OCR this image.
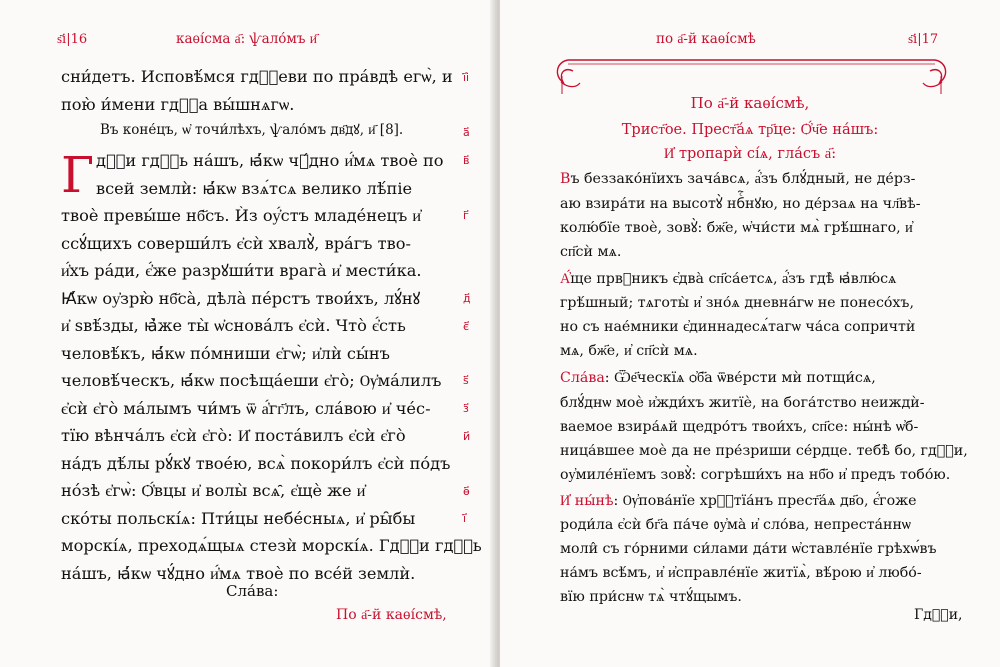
ѕ҃і|16	каѳі́смa а҃: ѱало́мъ и҃
сни́детъ. Исповѣ́мся гдⷭ҇еви по пра́вдѣ егѡ̀, и
пою̀ и́мени гдⷭ҇а вы́шнѧгѡ.
Въ коне́цъ, ѡ҆ точи́лѣхъ, ѱало́мъ дв҃дꙋ, и҃ [8].
Г дⷭ҇и гдⷭ҇ь на́шъ, ꙗ҆́кѡ чꙋ́дно и҆́мѧ твоѐ по
всей землѝ: ꙗ҆́кѡ взѧ́тсѧ велико лѣ́піе
твоѐ превы́ше нб҃съ. Ѝз оу҆́стъ младе́нецъ и҆
ссꙋ́щихъ соверши́лъ є҆сѝ хвалꙋ̀, вра́гъ тво-
и҆́хъ ра́ди, є҆́же разрꙋши́ти врага̀ и҆ мести́ка.
Ꙗ҆́кѡ оу҆зрю̀ нб҃са̀, дѣла̀ пе́рстъ твои́хъ, лꙋ́нꙋ
и҆ ѕвѣ́зды, ꙗ҆̀же ты̀ ѡ҆снова́лъ є҆сѝ. Что̀ є҆́сть
человѣ́къ, ꙗ҆́кѡ по́мниши є҆гѡ̀; и҆лѝ сы́нъ
человѣ́ческъ, ꙗ҆́кѡ посѣща́еши є҆го̀; Ѹ҆ма́лилъ
є҆сѝ є҆го̀ ма́лымъ чи́мъ ѿ а҆́гг҃лъ, сла́вою и҆ че́с-
тїю вѣнча́лъ є҆сѝ є҆го̀: И҆ поста́вилъ є҆сѝ є҆го̀
на́дъ дѣ́лы рꙋ́кꙋ твое́ю, всѧ̀ покори́лъ є҆сѝ по́дъ
но́зѣ є҆гѡ̀: Ѻ҆́вцы и҆ волы̀ всѧ̑, є҆щѐ же и҆
ско́ты польскі́ѧ: Пти́цы небе́сныѧ, и҆ ры̑бы
морскі́ѧ, преходѧ́щыѧ стезѝ морскі́ѧ. Гдⷭ҇и гдⷭ҇ь
на́шъ, ꙗ҆́кѡ чꙋ́дно и҆́мѧ твоѐ по все́й землѝ.
Сла́ва:
По а҃-й каѳі́смѣ,
і҃і
а҃
в҃
г҃
д҃
є҃
ѕ҃
з҃
и҃
ѳ҃
і҃
по а҃-й каѳі́смѣ	ѕ҃і|17
По а҃-й каѳі́смѣ,
Трист҃ое. Прест҃а́ѧ тр҃це: Ѻ҆́ч҃е на́шъ:
И҆ тропарѝ сі́ѧ, гла́съ а҃:
Въ беззако́нїихъ зача́всѧ, а҆́зъ блꙋ́дный, не де́рз-
аю взира́ти на высотꙋ̀ нбⷭ҇нꙋю, но де́рзаѧ на чл҃вѣ-
колю́бїе твоѐ, зовꙋ̀: бж҃е, ѡ҆чи́сти мѧ̀ грѣ́шнаго, и҆
сп҃сѝ мѧ.
А҆́ще првⷣникъ є҆два̀ сп҃са́етсѧ, а҆́зъ гдѣ̀ ꙗ҆влю́сѧ
грѣ́шный; тѧготы̀ и҆ зно́ѧ дневна́гѡ не понесо́хъ,
но съ нае́мники є҆диннадесѧ́тагѡ ча́са сопричтѝ
мѧ, бж҃е, и҆ сп҃сѝ мѧ.
Сла́ва: Ѿе҃ческїѧ ѻ҆б҃а ѿве́рсти мѝ потщи́сѧ,
блꙋ́днѡ моѐ и҆жди́хъ житїѐ, на бога́тство неиждѝ-
ваемое взира́ѧй щедро́тъ твои́хъ, сп҃се: ны́нѣ ѡ҆б-
ница́вшее моѐ да не пре́зриши се́рдце. тебѣ̀ бо, гдⷭ҇и,
оу҆миле́нїемъ зовꙋ̀: согрѣши́хъ на нб҃о и҆ предъ тобо́ю.
И҆ ны́нѣ: Ѹ҆пова́нїе хрⷭ҇тїа́нъ прест҃а́ѧ дв҃о, є҆́гоже
роди́ла є҆сѝ бг҃а па́че ᲂу҆ма̀ и҆ сло́ва, непреста́ннѡ
моли̂ съ го́рними си́лами да́ти ѡ҆ставле́нїе грѣхѡ́въ
на́мъ всѣ́мъ, и҆ и҆справле́нїе житїѧ̀, вѣ́рою и҆ любо́-
вїю при́снѡ тѧ̀ чтꙋ́щымъ.
Гдⷭ҇и,
